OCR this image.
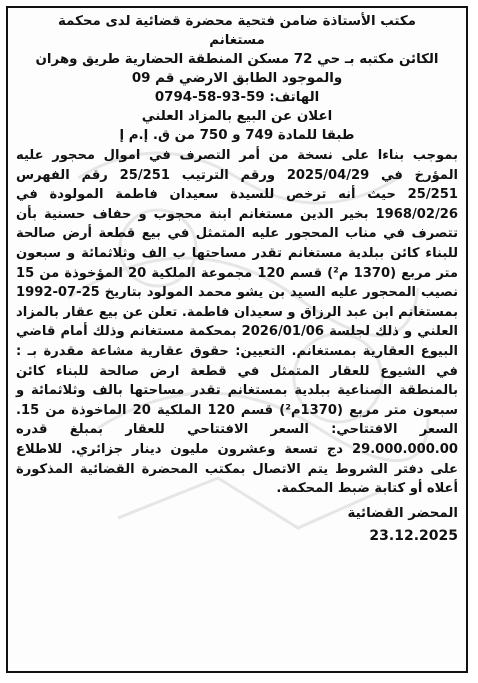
مكتب الأستاذة ضامن فتحية محضرة قضائية لدى محكمة
مستغانم
الكائن مكتبه بـ حي 72 مسكن المنطقة الحضارية طريق وهران
والموجود الطابق الارضي قم 09
الهاتف: 59-93-58-0794
اعلان عن البيع بالمزاد العلني
طبقا للمادة 749 و 750 من ق. إ.م إ
بموجب بناءا على نسخة من أمر التصرف في اموال محجور عليه المؤرخ في 2025/04/29 ورقم الترتيب 25/251 رقم الفهرس 25/251 حيث أنه ترخص للسيدة سعيدان فاطمة المولودة في 1968/02/26 بخير الدين مستغانم ابنة محجوب و حفاف حسنية بأن تتصرف في مناب المحجور عليه المتمثل في بيع قطعة أرض صالحة للبناء كائن ببلدية مستغانم تقدر مساحتها ب الف وثلاثمائة و سبعون متر مربع (1370 م²) قسم 120 مجموعة الملكية 20 المؤخوذة من 15 نصيب المحجور عليه السيد بن يشو محمد المولود بتاريخ 25-07-1992 بمستغانم ابن عبد الرزاق و سعيدان فاطمة. تعلن عن بيع عقار بالمزاد العلني و ذلك لجلسة 2026/01/06 بمحكمة مستغانم وذلك أمام قاضي البيوع العقارية بمستغانم. التعيين: حقوق عقارية مشاعة مقدرة بـ : في الشيوع للعقار المتمثل في قطعة ارض صالحة للبناء كائن بالمنطقة الصناعية ببلدية بمستغانم تقدر مساحتها بالف وثلاثمائة و سبعون متر مربع (1370م²) قسم 120 الملكية 20 الماخوذة من 15. السعر الافتتاحي: السعر الافتتاحي للعقار بمبلغ قدره 29.000.000.00 دج تسعة وعشرون مليون دينار جزائري. للاطلاع على دفتر الشروط يتم الاتصال بمكتب المحضرة القضائية المذكورة أعلاه أو كتابة ضبط المحكمة.
المحضر القضائية
23.12.2025
